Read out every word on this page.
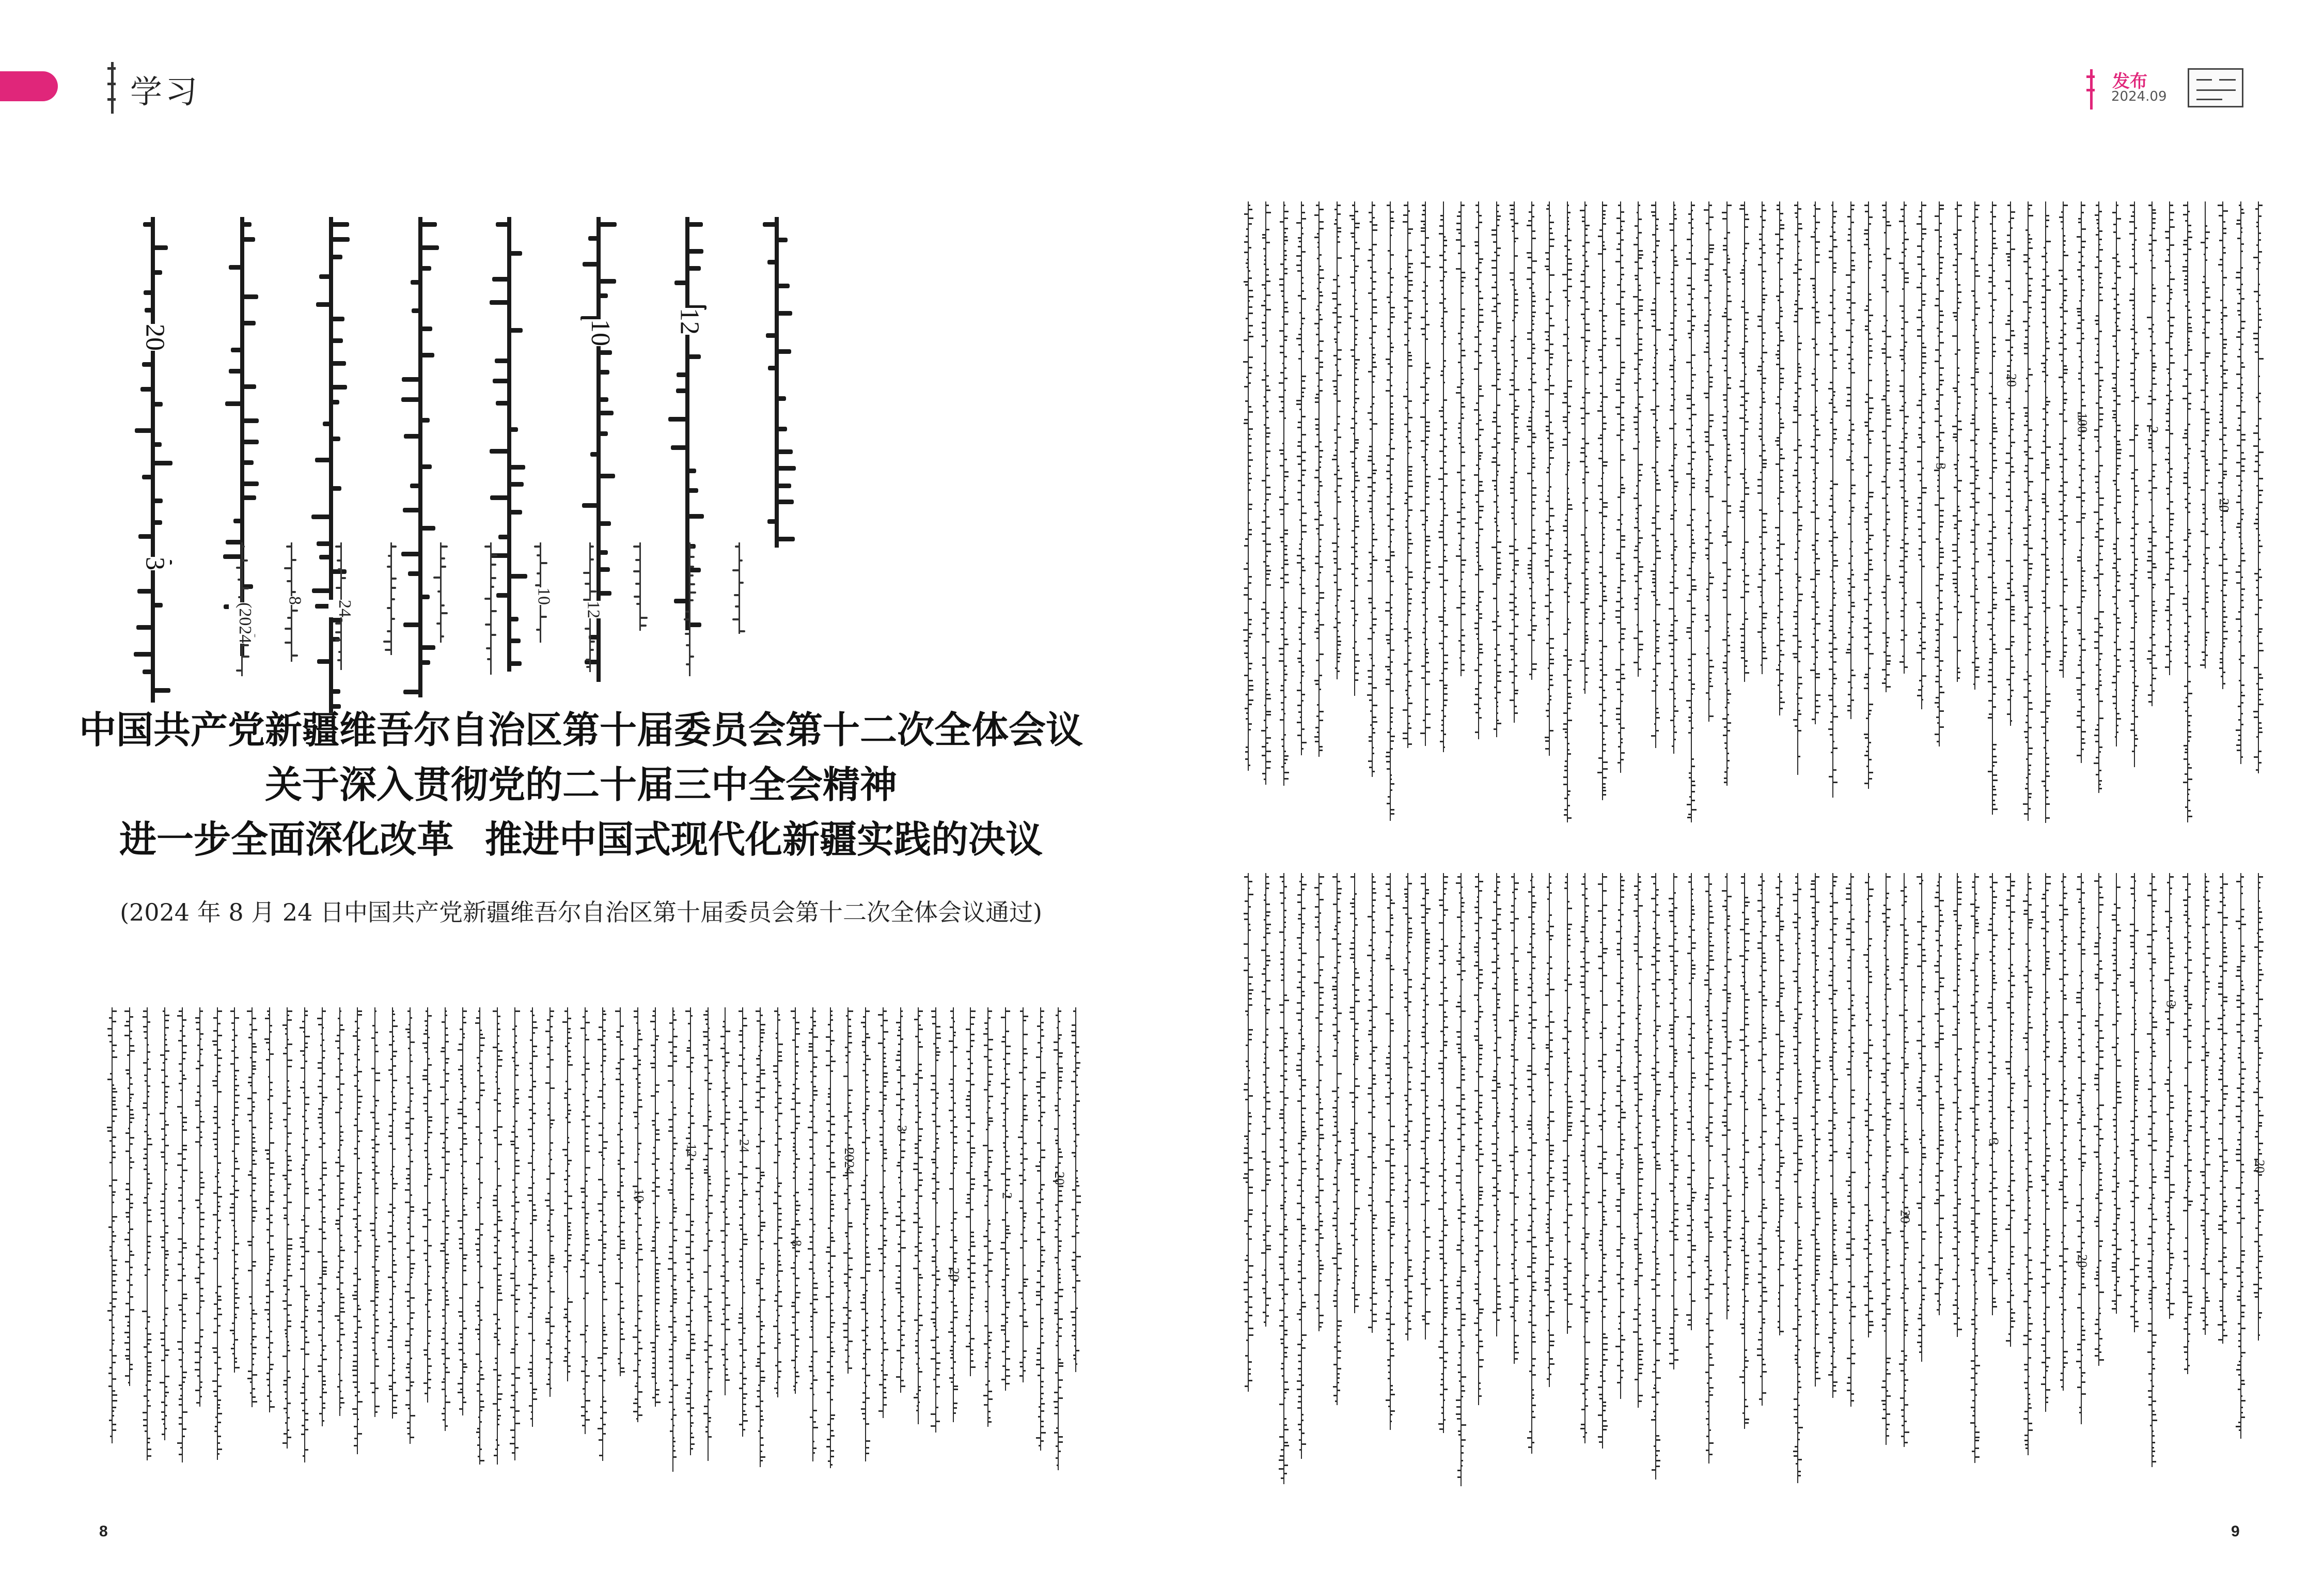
学习	发布
2024.09
12
10
20
3
12
10
24
8
(2024
中国共产党新疆维吾尔自治区第十届委员会第十二次全体会议
关于深入贯彻党的二十届三中全会精神
进一步全面深化改革 推进中国式现代化新疆实践的决议
(2024 年 8 月 24 日中国共产党新疆维吾尔自治区第十届委员会第十二次全体会议通过)
20
2
20
3
2024
8
24
12
10
20
2
100
20
3
20
3
20
3
20
8	9
